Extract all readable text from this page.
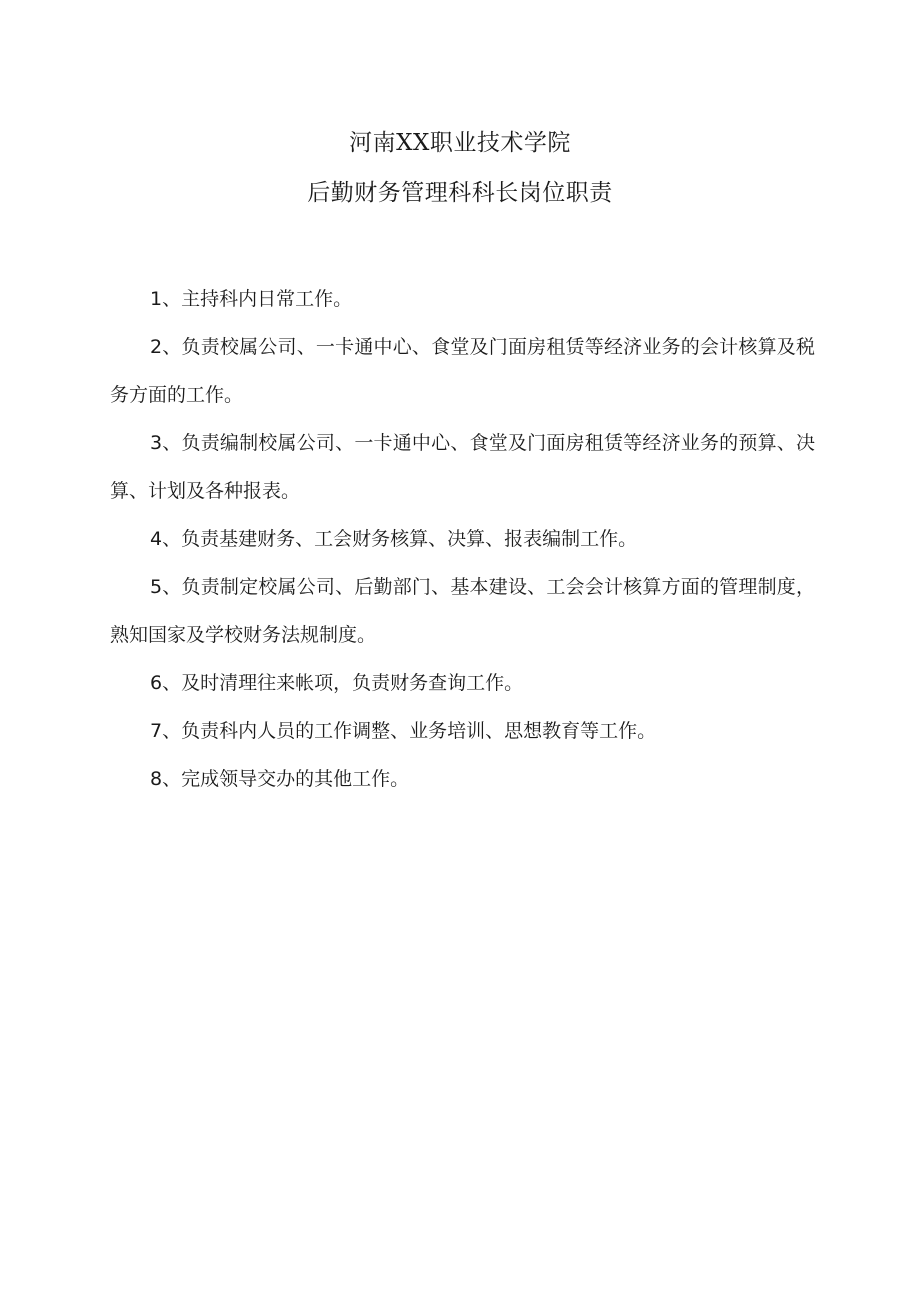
河南XX职业技术学院
后勤财务管理科科长岗位职责

1、主持科内日常工作。

2、负责校属公司、一卡通中心、食堂及门面房租赁等经济业务的会计核算及税务方面的工作。

3、负责编制校属公司、一卡通中心、食堂及门面房租赁等经济业务的预算、决算、计划及各种报表。

4、负责基建财务、工会财务核算、决算、报表编制工作。

5、负责制定校属公司、后勤部门、基本建设、工会会计核算方面的管理制度，熟知国家及学校财务法规制度。

6、及时清理往来帐项，负责财务查询工作。

7、负责科内人员的工作调整、业务培训、思想教育等工作。

8、完成领导交办的其他工作。
